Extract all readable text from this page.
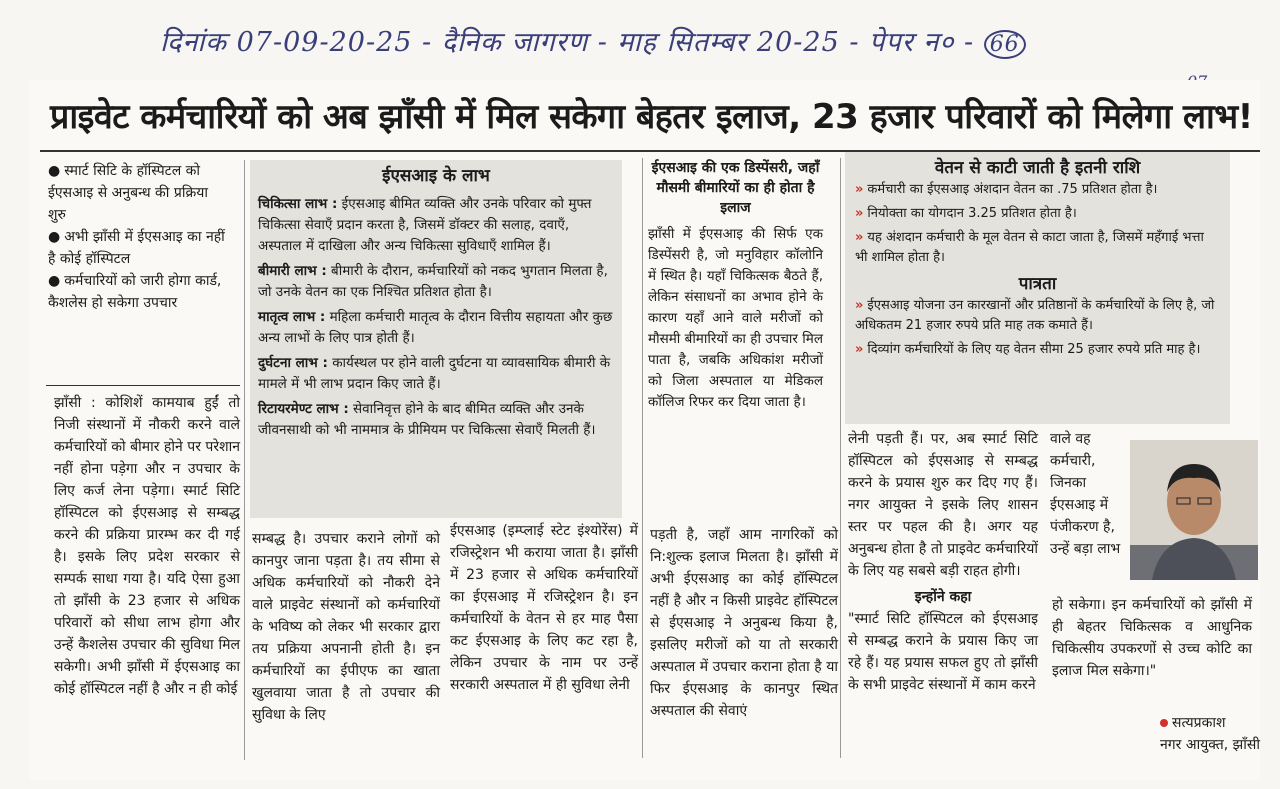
दिनांक 07-09-20-25 - दैनिक जागरण - माह सितम्बर 20-25 - पेपर न० - 66
प्राइवेट कर्मचारियों को अब झाँसी में मिल सकेगा बेहतर इलाज, 23 हजार परिवारों को मिलेगा लाभ!

● स्मार्ट सिटि के हॉस्पिटल को ईएसआइ से अनुबन्ध की प्रक्रिया शुरु

● अभी झाँसी में ईएसआइ का नहीं है कोई हॉस्पिटल

● कर्मचारियों को जारी होगा कार्ड, कैशलेस हो सकेगा उपचार

झाँसी : कोशिशें कामयाब हुईं तो निजी संस्थानों में नौकरी करने वाले कर्मचारियों को बीमार होने पर परेशान नहीं होना पड़ेगा और न उपचार के लिए कर्ज लेना पड़ेगा। स्मार्ट सिटि हॉस्पिटल को ईएसआइ से सम्बद्ध करने की प्रक्रिया प्रारम्भ कर दी गई है। इसके लिए प्रदेश सरकार से सम्पर्क साधा गया है। यदि ऐसा हुआ तो झाँसी के 23 हजार से अधिक परिवारों को सीधा लाभ होगा और उन्हें कैशलेस उपचार की सुविधा मिल सकेगी। अभी झाँसी में ईएसआइ का कोई हॉस्पिटल नहीं है और न ही कोई

ईएसआइ के लाभ

चिकित्सा लाभ : ईएसआइ बीमित व्यक्ति और उनके परिवार को मुफ्त चिकित्सा सेवाएँ प्रदान करता है, जिसमें डॉक्टर की सलाह, दवाएँ, अस्पताल में दाखिला और अन्य चिकित्सा सुविधाएँ शामिल हैं।

बीमारी लाभ : बीमारी के दौरान, कर्मचारियों को नकद भुगतान मिलता है, जो उनके वेतन का एक निश्चित प्रतिशत होता है।

मातृत्व लाभ : महिला कर्मचारी मातृत्व के दौरान वित्तीय सहायता और कुछ अन्य लाभों के लिए पात्र होती हैं।

दुर्घटना लाभ : कार्यस्थल पर होने वाली दुर्घटना या व्यावसायिक बीमारी के मामले में भी लाभ प्रदान किए जाते हैं।

रिटायरमेण्ट लाभ : सेवानिवृत्त होने के बाद बीमित व्यक्ति और उनके जीवनसाथी को भी नाममात्र के प्रीमियम पर चिकित्सा सेवाएँ मिलती हैं।

ईएसआइ की एक डिस्पेंसरी, जहाँ मौसमी बीमारियों का ही होता है इलाज

झाँसी में ईएसआइ की सिर्फ एक डिस्पेंसरी है, जो मनुविहार कॉलोनि में स्थित है। यहाँ चिकित्सक बैठते हैं, लेकिन संसाधनों का अभाव होने के कारण यहाँ आने वाले मरीजों को मौसमी बीमारियों का ही उपचार मिल पाता है, जबकि अधिकांश मरीजों को जिला अस्पताल या मेडिकल कॉलिज रिफर कर दिया जाता है।

वेतन से काटी जाती है इतनी राशि

» कर्मचारी का ईएसआइ अंशदान वेतन का .75 प्रतिशत होता है।

» नियोक्ता का योगदान 3.25 प्रतिशत होता है।

» यह अंशदान कर्मचारी के मूल वेतन से काटा जाता है, जिसमें महँगाई भत्ता भी शामिल होता है।

पात्रता

» ईएसआइ योजना उन कारखानों और प्रतिष्ठानों के कर्मचारियों के लिए है, जो अधिकतम 21 हजार रुपये प्रति माह तक कमाते हैं।

» दिव्यांग कर्मचारियों के लिए यह वेतन सीमा 25 हजार रुपये प्रति माह है।

सम्बद्ध है। उपचार कराने लोगों को कानपुर जाना पड़ता है। तय सीमा से अधिक कर्मचारियों को नौकरी देने वाले प्राइवेट संस्थानों को कर्मचारियों के भविष्य को लेकर भी सरकार द्वारा तय प्रक्रिया अपनानी होती है। इन कर्मचारियों का ईपीएफ का खाता खुलवाया जाता है तो उपचार की सुविधा के लिए

ईएसआइ (इम्प्लाई स्टेट इंश्योरेंस) में रजिस्ट्रेशन भी कराया जाता है। झाँसी में 23 हजार से अधिक कर्मचारियों का ईएसआइ में रजिस्ट्रेशन है। इन कर्मचारियों के वेतन से हर माह पैसा कट ईएसआइ के लिए कट रहा है, लेकिन उपचार के नाम पर उन्हें सरकारी अस्पताल में ही सुविधा लेनी

पड़ती है, जहाँ आम नागरिकों को नि:शुल्क इलाज मिलता है। झाँसी में अभी ईएसआइ का कोई हॉस्पिटल नहीं है और न किसी प्राइवेट हॉस्पिटल से ईएसआइ ने अनुबन्ध किया है, इसलिए मरीजों को या तो सरकारी अस्पताल में उपचार कराना होता है या फिर ईएसआइ के कानपुर स्थित अस्पताल की सेवाएं

लेनी पड़ती हैं। पर, अब स्मार्ट सिटि हॉस्पिटल को ईएसआइ से सम्बद्ध करने के प्रयास शुरु कर दिए गए हैं। नगर आयुक्त ने इसके लिए शासन स्तर पर पहल की है। अगर यह अनुबन्ध होता है तो प्राइवेट कर्मचारियों के लिए यह सबसे बड़ी राहत होगी।

इन्होंने कहा

"स्मार्ट सिटि हॉस्पिटल को ईएसआइ से सम्बद्ध कराने के प्रयास किए जा रहे हैं। यह प्रयास सफल हुए तो झाँसी के सभी प्राइवेट संस्थानों में काम करने

वाले वह कर्मचारी, जिनका ईएसआइ में पंजीकरण है, उन्हें बड़ा लाभ

हो सकेगा। इन कर्मचारियों को झाँसी में ही बेहतर चिकित्सक व आधुनिक चिकित्सीय उपकरणों से उच्च कोटि का इलाज मिल सकेगा।"

सत्यप्रकाश
नगर आयुक्त, झाँसी
